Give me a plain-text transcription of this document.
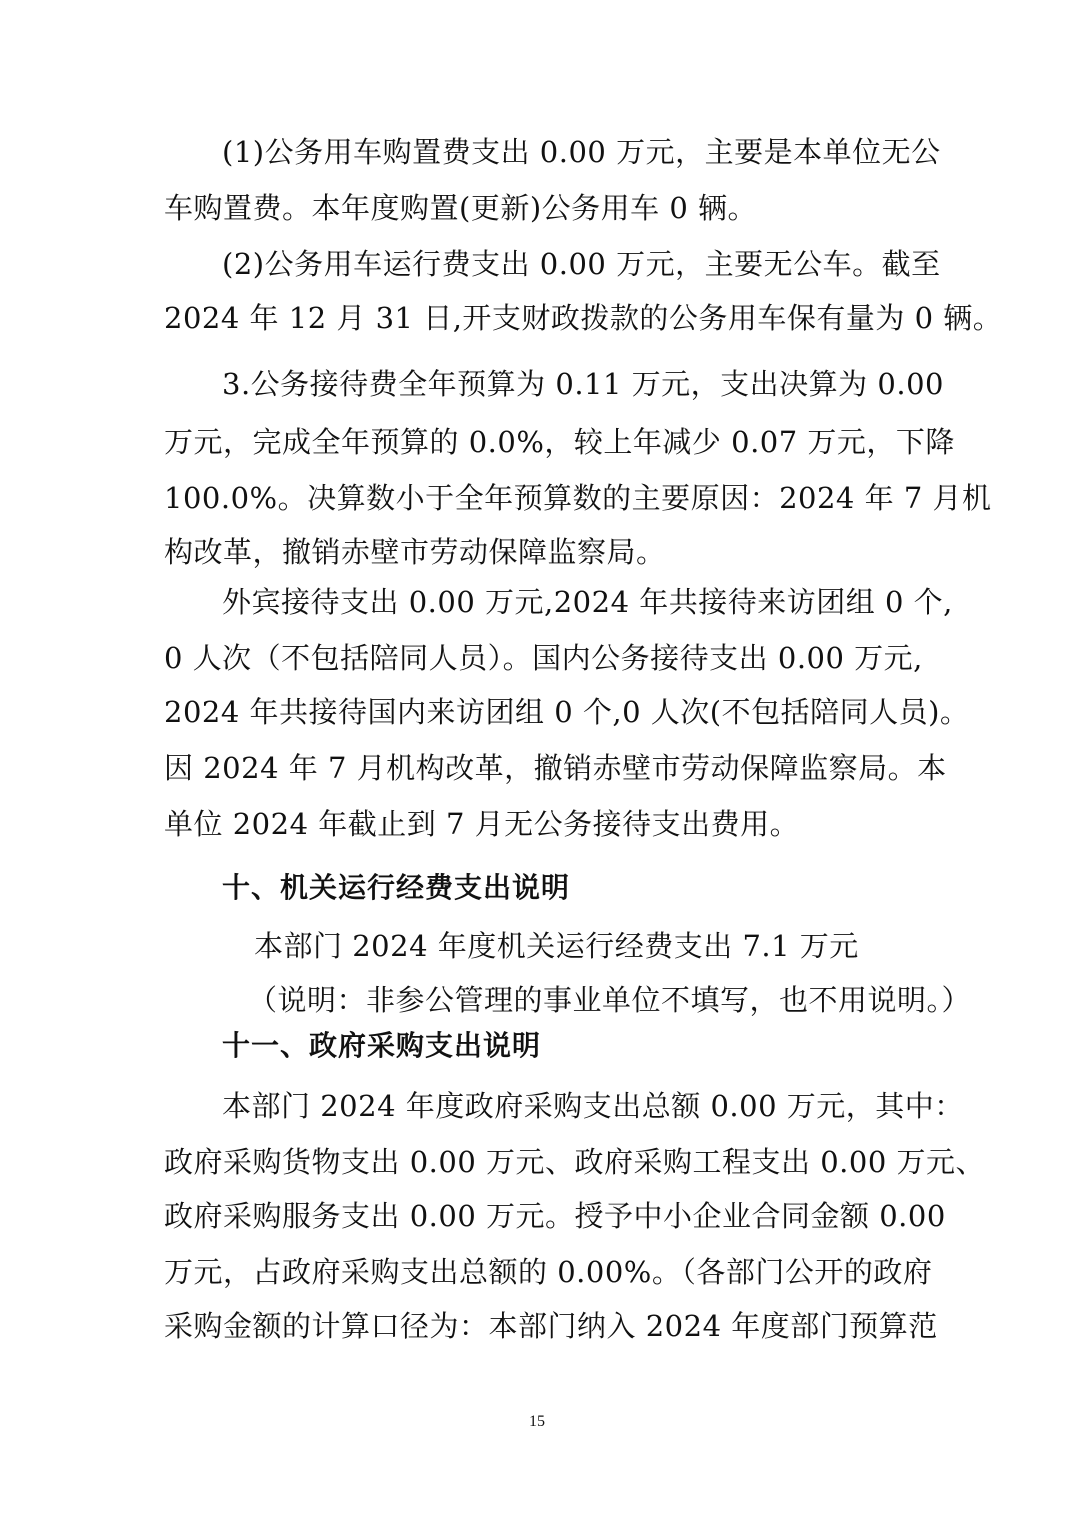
(1)公务用车购置费支出 0.00 万元，主要是本单位无公
车购置费。本年度购置(更新)公务用车 0 辆。
(2)公务用车运行费支出 0.00 万元，主要无公车。截至
2024 年 12 月 31 日,开支财政拨款的公务用车保有量为 0 辆。
3.公务接待费全年预算为 0.11 万元，支出决算为 0.00
万元，完成全年预算的 0.0%，较上年减少 0.07 万元，下降
100.0%。决算数小于全年预算数的主要原因：2024 年 7 月机
构改革，撤销赤壁市劳动保障监察局。
外宾接待支出 0.00 万元,2024 年共接待来访团组 0 个,
0 人次（不包括陪同人员）。国内公务接待支出 0.00 万元,
2024 年共接待国内来访团组 0 个,0 人次(不包括陪同人员)。
因 2024 年 7 月机构改革，撤销赤壁市劳动保障监察局。本
单位 2024 年截止到 7 月无公务接待支出费用。
十、机关运行经费支出说明
本部门 2024 年度机关运行经费支出 7.1 万元
（说明：非参公管理的事业单位不填写，也不用说明。）
十一、政府采购支出说明
本部门 2024 年度政府采购支出总额 0.00 万元，其中：
政府采购货物支出 0.00 万元、政府采购工程支出 0.00 万元、
政府采购服务支出 0.00 万元。授予中小企业合同金额 0.00
万元，占政府采购支出总额的 0.00%。（各部门公开的政府
采购金额的计算口径为：本部门纳入 2024 年度部门预算范
15
